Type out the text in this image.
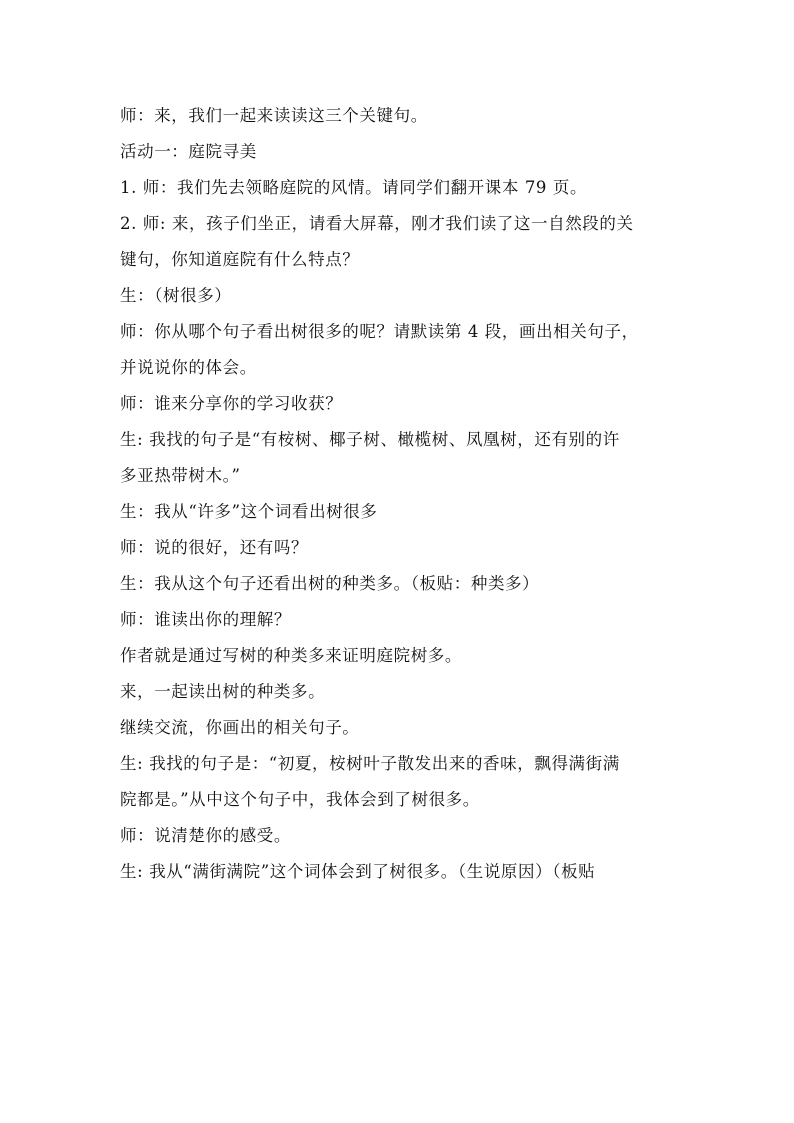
师：来，我们一起来读读这三个关键句。

活动一：庭院寻美

1. 师：我们先去领略庭院的风情。请同学们翻开课本 79 页。

2. 师: 来，孩子们坐正，请看大屏幕，刚才我们读了这一自然段的关

键句，你知道庭院有什么特点？

生：（树很多）

师：你从哪个句子看出树很多的呢？请默读第 4 段，画出相关句子，

并说说你的体会。

师：谁来分享你的学习收获？

生: 我找的句子是“有桉树、椰子树、橄榄树、凤凰树，还有别的许

多亚热带树木。”

生：我从“许多”这个词看出树很多

师：说的很好，还有吗？

生：我从这个句子还看出树的种类多。（板贴：种类多）

师：谁读出你的理解？

作者就是通过写树的种类多来证明庭院树多。

来，一起读出树的种类多。

继续交流，你画出的相关句子。

生: 我找的句子是：“初夏，桉树叶子散发出来的香味，飘得满街满

院都是。”从中这个句子中，我体会到了树很多。

师：说清楚你的感受。

生: 我从“满街满院”这个词体会到了树很多。（生说原因）（板贴
